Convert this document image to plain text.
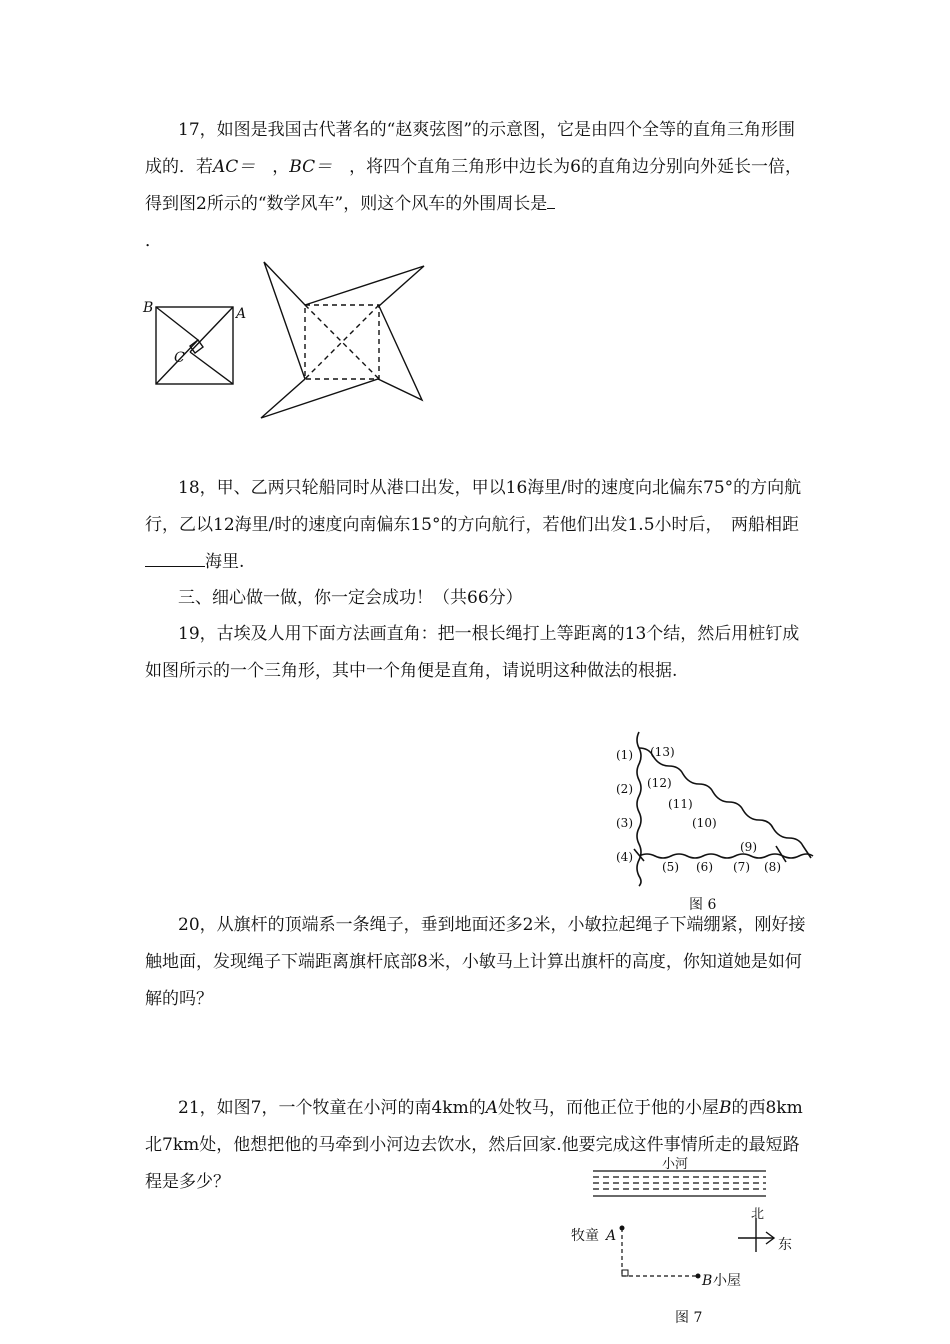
17，如图是我国古代著名的“赵爽弦图”的示意图，它是由四个全等的直角三角形围成的．若AC＝　，BC＝　，将四个直角三角形中边长为6的直角边分别向外延长一倍，得到图2所示的“数学风车”，则这个风车的外围周长是
．

B	A
C

18，甲、乙两只轮船同时从港口出发，甲以16海里/时的速度向北偏东75°的方向航行，乙以12海里/时的速度向南偏东15°的方向航行，若他们出发1.5小时后，　两船相距海里.

三、细心做一做，你一定会成功！（共66分）

19，古埃及人用下面方法画直角：把一根长绳打上等距离的13个结，然后用桩钉成如图所示的一个三角形，其中一个角便是直角，请说明这种做法的根据.

(1)
(2)
(3)
(4)
(5) (6) (7) (8)
(9)
(10)
(11)
(12)
(13)
图 6

20，从旗杆的顶端系一条绳子，垂到地面还多2米，小敏拉起绳子下端绷紧，刚好接触地面，发现绳子下端距离旗杆底部8米，小敏马上计算出旗杆的高度，你知道她是如何解的吗？

21，如图7，一个牧童在小河的南4km的A处牧马，而他正位于他的小屋B的西8km北7km处，他想把他的马牵到小河边去饮水，然后回家.他要完成这件事情所走的最短路程是多少？

小河
牧童 A
B 小屋
北
东
图 7
